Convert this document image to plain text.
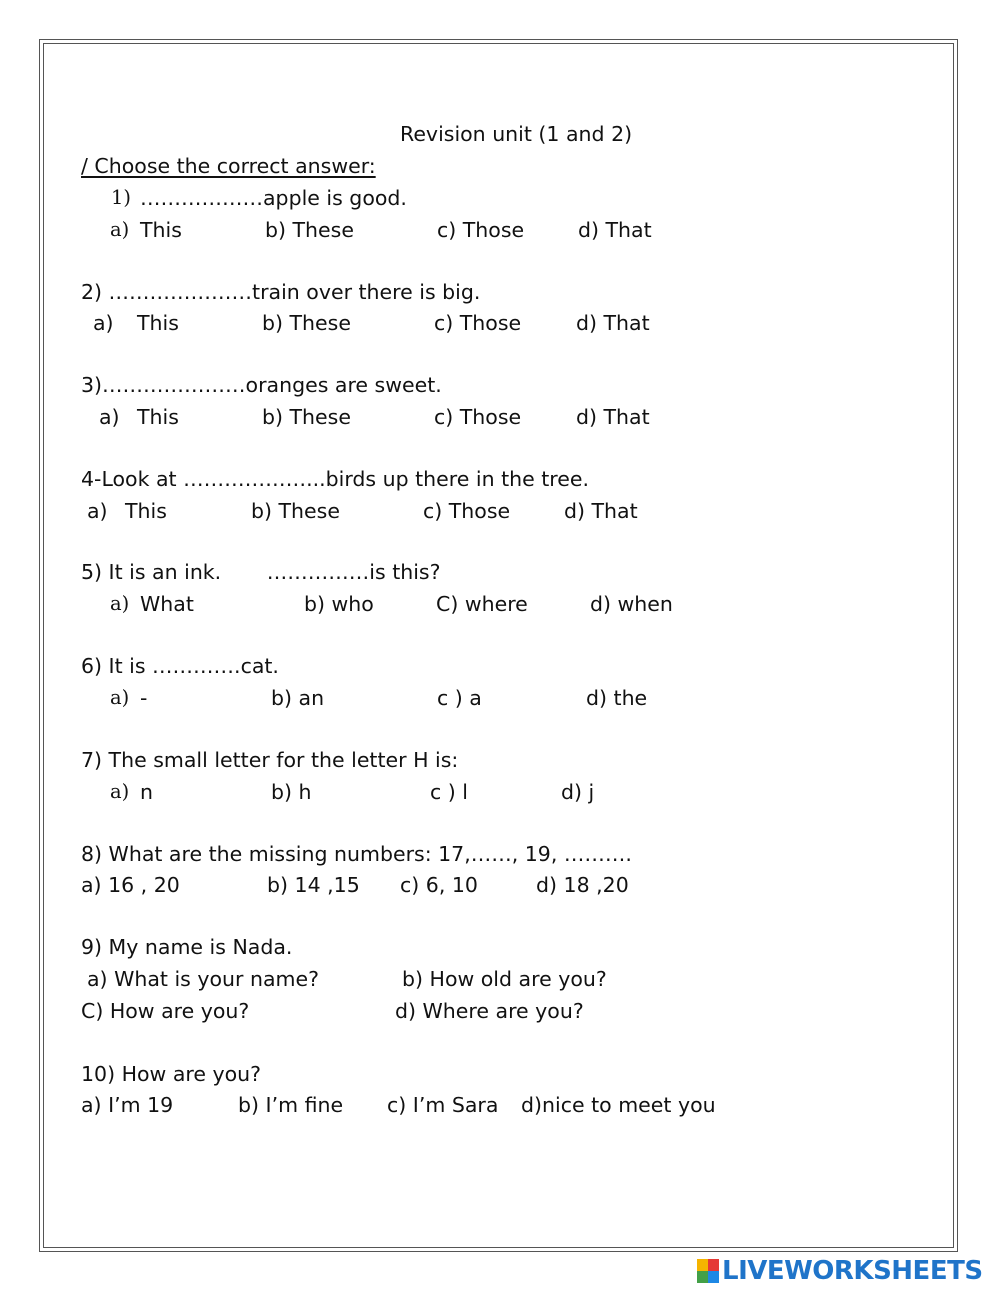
Revision unit (1 and 2)
/ Choose the correct answer:
1) ………………apple is good.
a) This	b) These	c) Those	d) That
2) …………………train over there is big.
a) This	b) These	c) Those	d) That
3)…………………oranges are sweet.
a) This	b) These	c) Those	d) That
4-Look at ………………...birds up there in the tree.
a) This	b) These	c) Those	d) That
5) It is an ink.       ……………is this?
a) What	b) who	C) where	d) when
6) It is ………….cat.
a) -	b) an	c ) a	d) the
7) The small letter for the letter H is:
a) n	b) h	c ) l	d) j
8) What are the missing numbers: 17,……, 19, ……….
a) 16 , 20	b) 14 ,15 c) 6, 10	d) 18 ,20
9) My name is Nada.
a) What is your name?	b) How old are you?
C) How are you?	d) Where are you?
10) How are you?
a) I’m 19	b) I’m fine c) I’m Sara d)nice to meet you
LIVEWORKSHEETS
